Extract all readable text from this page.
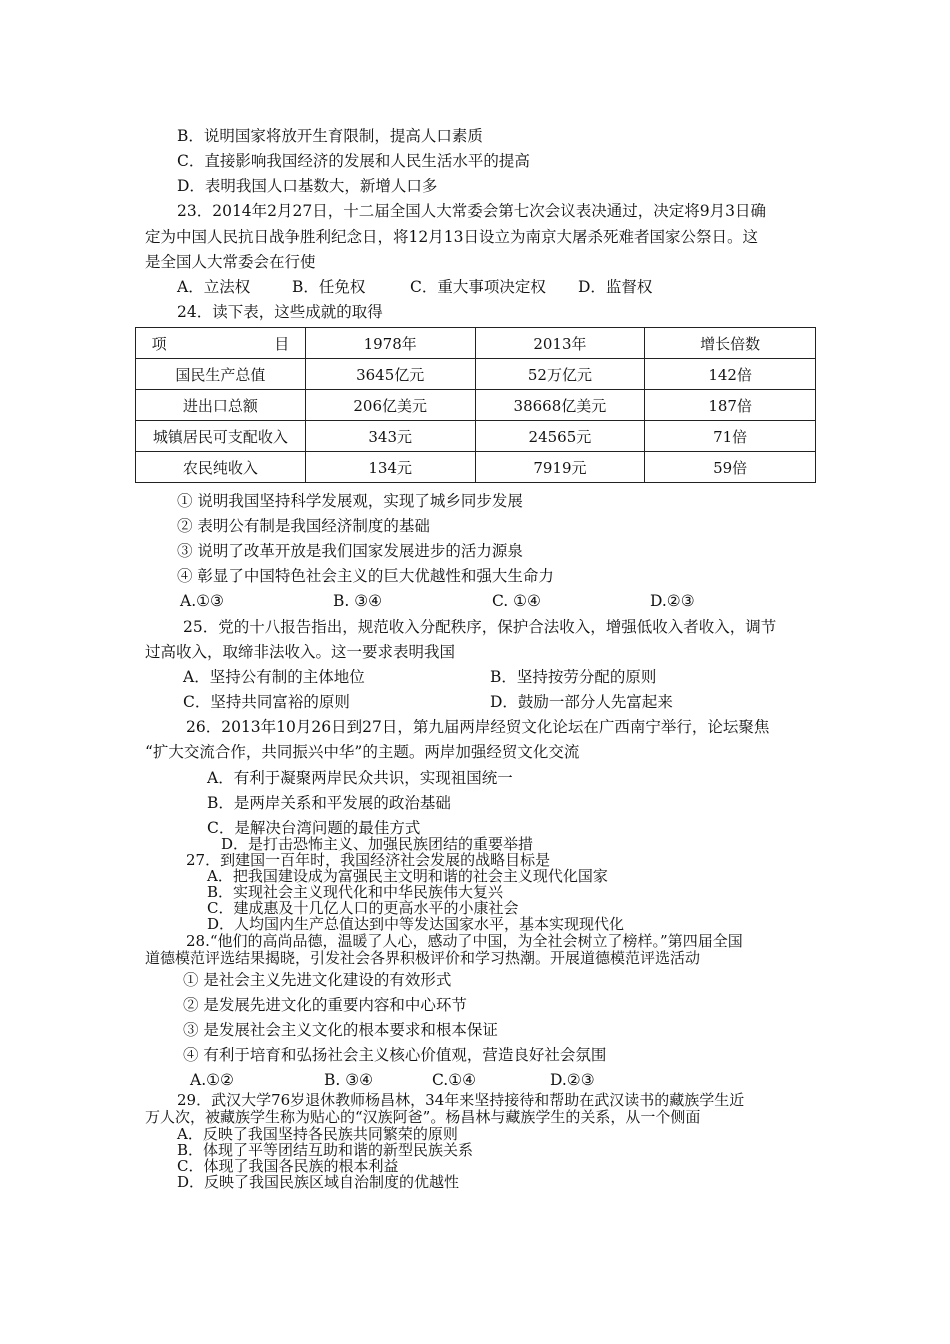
B．说明国家将放开生育限制，提高人口素质
C．直接影响我国经济的发展和人民生活水平的提高
D．表明我国人口基数大，新增人口多
23．2014年2月27日，十二届全国人大常委会第七次会议表决通过，决定将9月3日确
定为中国人民抗日战争胜利纪念日，将12月13日设立为南京大屠杀死难者国家公祭日。这
是全国人大常委会在行使
A．立法权	B．任免权	C．重大事项决定权 D．监督权
24．读下表，这些成就的取得
项 目	1978年	2013年	增长倍数
国民生产总值	3645亿元	52万亿元	142倍
进出口总额	206亿美元	38668亿美元	187倍
城镇居民可支配收入	343元	24565元	71倍
农民纯收入	134元	7919元	59倍
① 说明我国坚持科学发展观，实现了城乡同步发展
② 表明公有制是我国经济制度的基础
③ 说明了改革开放是我们国家发展进步的活力源泉
④ 彰显了中国特色社会主义的巨大优越性和强大生命力
A.①③	B. ③④	C. ①④	D.②③
25．党的十八报告指出，规范收入分配秩序，保护合法收入，增强低收入者收入，调节
过高收入，取缔非法收入。这一要求表明我国
A．坚持公有制的主体地位	B．坚持按劳分配的原则
C．坚持共同富裕的原则	D．鼓励一部分人先富起来
26．2013年10月26日到27日，第九届两岸经贸文化论坛在广西南宁举行，论坛聚焦
“扩大交流合作，共同振兴中华”的主题。两岸加强经贸文化交流
A．有利于凝聚两岸民众共识，实现祖国统一
B．是两岸关系和平发展的政治基础
C．是解决台湾问题的最佳方式
D．是打击恐怖主义、加强民族团结的重要举措
27．到建国一百年时，我国经济社会发展的战略目标是
A．把我国建设成为富强民主文明和谐的社会主义现代化国家
B．实现社会主义现代化和中华民族伟大复兴
C．建成惠及十几亿人口的更高水平的小康社会
D．人均国内生产总值达到中等发达国家水平，基本实现现代化
28.“他们的高尚品德，温暖了人心，感动了中国，为全社会树立了榜样。”第四届全国
道德模范评选结果揭晓，引发社会各界积极评价和学习热潮。开展道德模范评选活动
① 是社会主义先进文化建设的有效形式
② 是发展先进文化的重要内容和中心环节
③ 是发展社会主义文化的根本要求和根本保证
④ 有利于培育和弘扬社会主义核心价值观，营造良好社会氛围
A.①②	B. ③④	C.①④	D.②③
29．武汉大学76岁退休教师杨昌林，34年来坚持接待和帮助在武汉读书的藏族学生近
万人次，被藏族学生称为贴心的“汉族阿爸”。杨昌林与藏族学生的关系，从一个侧面
A．反映了我国坚持各民族共同繁荣的原则
B．体现了平等团结互助和谐的新型民族关系
C．体现了我国各民族的根本利益
D．反映了我国民族区域自治制度的优越性
